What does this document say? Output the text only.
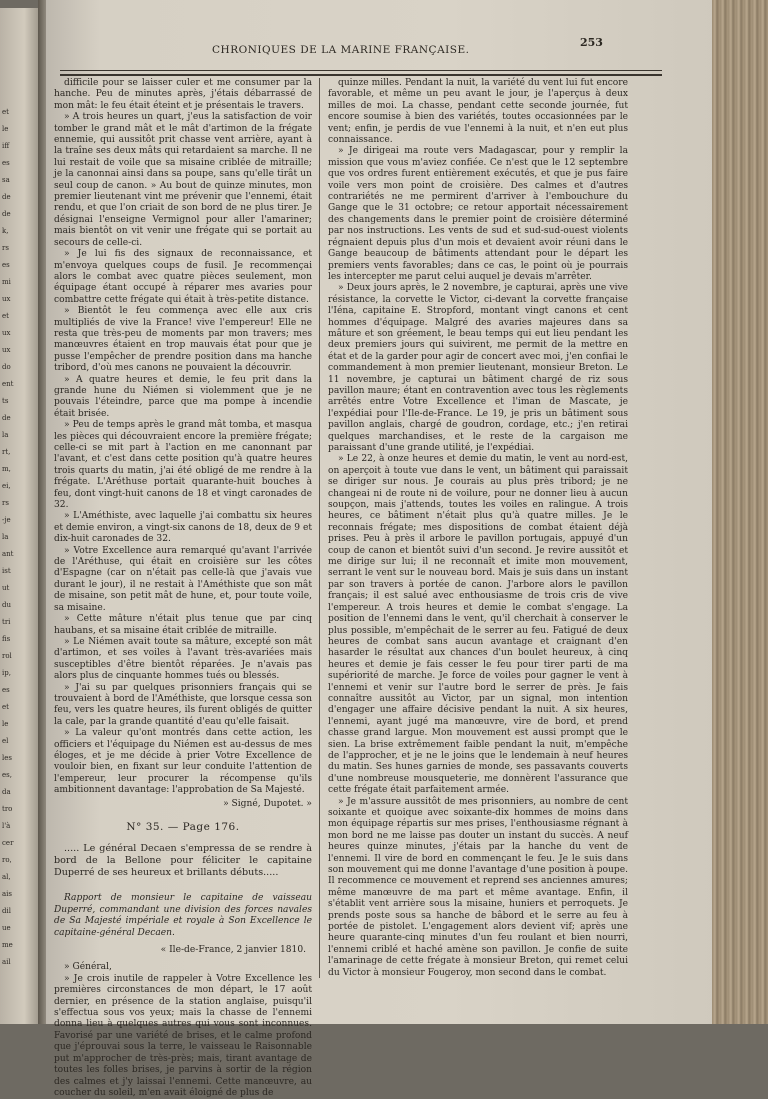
et
le
iff
es
sa
de
de
k,
rs
es
mi
ux
et
ux
ux
do
ent
ts
de
la
rt,
m,
ei,
rs
-je
la
ant
ist
ut
du
tri
fis
rol
ip,
es
et
le
el
les
es,
da
tro
l'à
cer
ro,
al,
ais
dil
ue
me
ail
CHRONIQUES DE LA MARINE FRANÇAISE.
253

difficile pour se laisser culer et me consumer par la hanche. Peu de minutes après, j'étais débarrassé de mon mât: le feu était éteint et je présentais le travers.

» A trois heures un quart, j'eus la satisfaction de voir tomber le grand mât et le mât d'artimon de la frégate ennemie, qui aussitôt prit chasse vent arrière, ayant à la traîne ses deux mâts qui retardaient sa marche. Il ne lui restait de voile que sa misaine criblée de mitraille; je la canonnai ainsi dans sa poupe, sans qu'elle tirât un seul coup de canon. » Au bout de quinze minutes, mon premier lieutenant vint me prévenir que l'ennemi, était rendu, et que l'on criait de son bord de ne plus tirer. Je désignai l'enseigne Vermignol pour aller l'amariner; mais bientôt on vit venir une frégate qui se portait au secours de celle-ci.

» Je lui fis des signaux de reconnaissance, et m'envoya quelques coups de fusil. Je recommençai alors le combat avec quatre pièces seulement, mon équipage étant occupé à réparer mes avaries pour combattre cette frégate qui était à très-petite distance.

» Bientôt le feu commença avec elle aux cris multipliés de vive la France! vive l'empereur! Elle ne resta que très-peu de moments par mon travers; mes manœuvres étaient en trop mauvais état pour que je pusse l'empêcher de prendre position dans ma hanche tribord, d'où mes canons ne pouvaient la découvrir.

» A quatre heures et demie, le feu prit dans la grande hune du Niémen si violemment que je ne pouvais l'éteindre, parce que ma pompe à incendie était brisée.

» Peu de temps après le grand mât tomba, et masqua les pièces qui découvraient encore la première frégate; celle-ci se mit part à l'action en me canonnant par l'avant, et c'est dans cette position qu'à quatre heures trois quarts du matin, j'ai été obligé de me rendre à la frégate. L'Aréthuse portait quarante-huit bouches à feu, dont vingt-huit canons de 18 et vingt caronades de 32.

» L'Améthiste, avec laquelle j'ai combattu six heures et demie environ, a vingt-six canons de 18, deux de 9 et dix-huit caronades de 32.

» Votre Excellence aura remarqué qu'avant l'arrivée de l'Aréthuse, qui était en croisière sur les côtes d'Espagne (car on n'était pas celle-là que j'avais vue durant le jour), il ne restait à l'Améthiste que son mât de misaine, son petit mât de hune, et, pour toute voile, sa misaine.

» Cette mâture n'était plus tenue que par cinq haubans, et sa misaine était criblée de mitraille.

» Le Niémen avait toute sa mâture, excepté son mât d'artimon, et ses voiles à l'avant très-avariées mais susceptibles d'être bientôt réparées. Je n'avais pas alors plus de cinquante hommes tués ou blessés.

» J'ai su par quelques prisonniers français qui se trouvaient à bord de l'Améthiste, que lorsque cessa son feu, vers les quatre heures, ils furent obligés de quitter la cale, par la grande quantité d'eau qu'elle faisait.

» La valeur qu'ont montrés dans cette action, les officiers et l'équipage du Niémen est au-dessus de mes éloges, et je me décide à prier Votre Excellence de vouloir bien, en fixant sur leur conduite l'attention de l'empereur, leur procurer la récompense qu'ils ambitionnent davantage: l'approbation de Sa Majesté.

» Signé, Dupotet. »

N° 35. — Page 176.

..... Le général Decaen s'empressa de se rendre à bord de la Bellone pour féliciter le capitaine Duperré de ses heureux et brillants débuts.....

Rapport de monsieur le capitaine de vaisseau Duperré, commandant une division des forces navales de Sa Majesté impériale et royale à Son Excellence le capitaine-général Decaen.

« Ile-de-France, 2 janvier 1810.

» Général,

» Je crois inutile de rappeler à Votre Excellence les premières circonstances de mon départ, le 17 août dernier, en présence de la station anglaise, puisqu'il s'effectua sous vos yeux; mais la chasse de l'ennemi donna lieu à quelques autres qui vous sont inconnues. Favorisé par une variété de brises, et le calme profond que j'éprouvai sous la terre, le vaisseau le Raisonnable put m'approcher de très-près; mais, tirant avantage de toutes les folles brises, je parvins à sortir de la région des calmes et j'y laissai l'ennemi. Cette manœuvre, au coucher du soleil, m'en avait éloigné de plus de

quinze milles. Pendant la nuit, la variété du vent lui fut encore favorable, et même un peu avant le jour, je l'aperçus à deux milles de moi. La chasse, pendant cette seconde journée, fut encore soumise à bien des variétés, toutes occasionnées par le vent; enfin, je perdis de vue l'ennemi à la nuit, et n'en eut plus connaissance.

» Je dirigeai ma route vers Madagascar, pour y remplir la mission que vous m'aviez confiée. Ce n'est que le 12 septembre que vos ordres furent entièrement exécutés, et que je pus faire voile vers mon point de croisière. Des calmes et d'autres contrariétés ne me permirent d'arriver à l'embouchure du Gange que le 31 octobre; ce retour apportait nécessairement des changements dans le premier point de croisière déterminé par nos instructions. Les vents de sud et sud-sud-ouest violents régnaient depuis plus d'un mois et devaient avoir réuni dans le Gange beaucoup de bâtiments attendant pour le départ les premiers vents favorables; dans ce cas, le point où je pourrais les intercepter me parut celui auquel je devais m'arrêter.

» Deux jours après, le 2 novembre, je capturai, après une vive résistance, la corvette le Victor, ci-devant la corvette française l'Iéna, capitaine E. Stropford, montant vingt canons et cent hommes d'équipage. Malgré des avaries majeures dans sa mâture et son gréement, le beau temps qui eut lieu pendant les deux premiers jours qui suivirent, me permit de la mettre en état et de la garder pour agir de concert avec moi, j'en confiai le commandement à mon premier lieutenant, monsieur Breton. Le 11 novembre, je capturai un bâtiment chargé de riz sous pavillon maure; étant en contravention avec tous les règlements arrêtés entre Votre Excellence et l'iman de Mascate, je l'expédiai pour l'Ile-de-France. Le 19, je pris un bâtiment sous pavillon anglais, chargé de goudron, cordage, etc.; j'en retirai quelques marchandises, et le reste de la cargaison me paraissant d'une grande utilité, je l'expédiai.

» Le 22, à onze heures et demie du matin, le vent au nord-est, on aperçoit à toute vue dans le vent, un bâtiment qui paraissait se diriger sur nous. Je courais au plus près tribord; je ne changeai ni de route ni de voilure, pour ne donner lieu à aucun soupçon, mais j'attends, toutes les voiles en ralingue. A trois heures, ce bâtiment n'était plus qu'à quatre milles. Je le reconnais frégate; mes dispositions de combat étaient déjà prises. Peu à près il arbore le pavillon portugais, appuyé d'un coup de canon et bientôt suivi d'un second. Je revire aussitôt et me dirige sur lui; il ne reconnaît et imite mon mouvement, serrant le vent sur le nouveau bord. Mais je suis dans un instant par son travers à portée de canon. J'arbore alors le pavillon français; il est salué avec enthousiasme de trois cris de vive l'empereur. A trois heures et demie le combat s'engage. La position de l'ennemi dans le vent, qu'il cherchait à conserver le plus possible, m'empêchait de le serrer au feu. Fatigué de deux heures de combat sans aucun avantage et craignant d'en hasarder le résultat aux chances d'un boulet heureux, à cinq heures et demie je fais cesser le feu pour tirer parti de ma supériorité de marche. Je force de voiles pour gagner le vent à l'ennemi et venir sur l'autre bord le serrer de près. Je fais connaître aussitôt au Victor, par un signal, mon intention d'engager une affaire décisive pendant la nuit. A six heures, l'ennemi, ayant jugé ma manœuvre, vire de bord, et prend chasse grand largue. Mon mouvement est aussi prompt que le sien. La brise extrêmement faible pendant la nuit, m'empêche de l'approcher, et je ne le joins que le lendemain à neuf heures du matin. Ses hunes garnies de monde, ses passavants couverts d'une nombreuse mousqueterie, me donnèrent l'assurance que cette frégate était parfaitement armée.

» Je m'assure aussitôt de mes prisonniers, au nombre de cent soixante et quoique avec soixante-dix hommes de moins dans mon équipage répartis sur mes prises, l'enthousiasme régnant à mon bord ne me laisse pas douter un instant du succès. A neuf heures quinze minutes, j'étais par la hanche du vent de l'ennemi. Il vire de bord en commençant le feu. Je le suis dans son mouvement qui me donne l'avantage d'une position à poupe. Il recommence ce mouvement et reprend ses anciennes amures; même manœuvre de ma part et même avantage. Enfin, il s'établit vent arrière sous la misaine, huniers et perroquets. Je prends poste sous sa hanche de bâbord et le serre au feu à portée de pistolet. L'engagement alors devient vif; après une heure quarante-cinq minutes d'un feu roulant et bien nourri, l'ennemi criblé et haché amène son pavillon. Je confie de suite l'amarinage de cette frégate à monsieur Breton, qui remet celui du Victor à monsieur Fougeroy, mon second dans le combat.
